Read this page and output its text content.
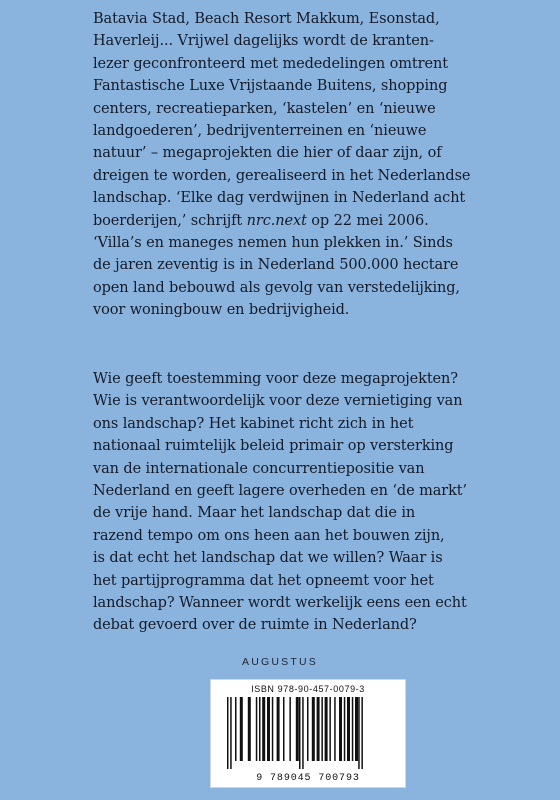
Batavia Stad, Beach Resort Makkum, Esonstad,
Haverleij... Vrijwel dagelijks wordt de kranten-
lezer geconfronteerd met mededelingen omtrent
Fantastische Luxe Vrijstaande Buitens, shopping
centers, recreatieparken, ‘kastelen’ en ‘nieuwe
landgoederen’, bedrijventerreinen en ‘nieuwe
natuur’ – megaprojekten die hier of daar zijn, of
dreigen te worden, gerealiseerd in het Nederlandse
landschap. ‘Elke dag verdwijnen in Nederland acht
boerderijen,’ schrijft nrc.next op 22 mei 2006.
‘Villa’s en maneges nemen hun plekken in.’ Sinds
de jaren zeventig is in Nederland 500.000 hectare
open land bebouwd als gevolg van verstedelijking,
voor woningbouw en bedrijvigheid.
Wie geeft toestemming voor deze megaprojekten?
Wie is verantwoordelijk voor deze vernietiging van
ons landschap? Het kabinet richt zich in het
nationaal ruimtelijk beleid primair op versterking
van de internationale concurrentiepositie van
Nederland en geeft lagere overheden en ‘de markt’
de vrije hand. Maar het landschap dat die in
razend tempo om ons heen aan het bouwen zijn,
is dat echt het landschap dat we willen? Waar is
het partijprogramma dat het opneemt voor het
landschap? Wanneer wordt werkelijk eens een echt
debat gevoerd over de ruimte in Nederland?
AUGUSTUS
ISBN 978-90-457-0079-3
9 789045 700793
